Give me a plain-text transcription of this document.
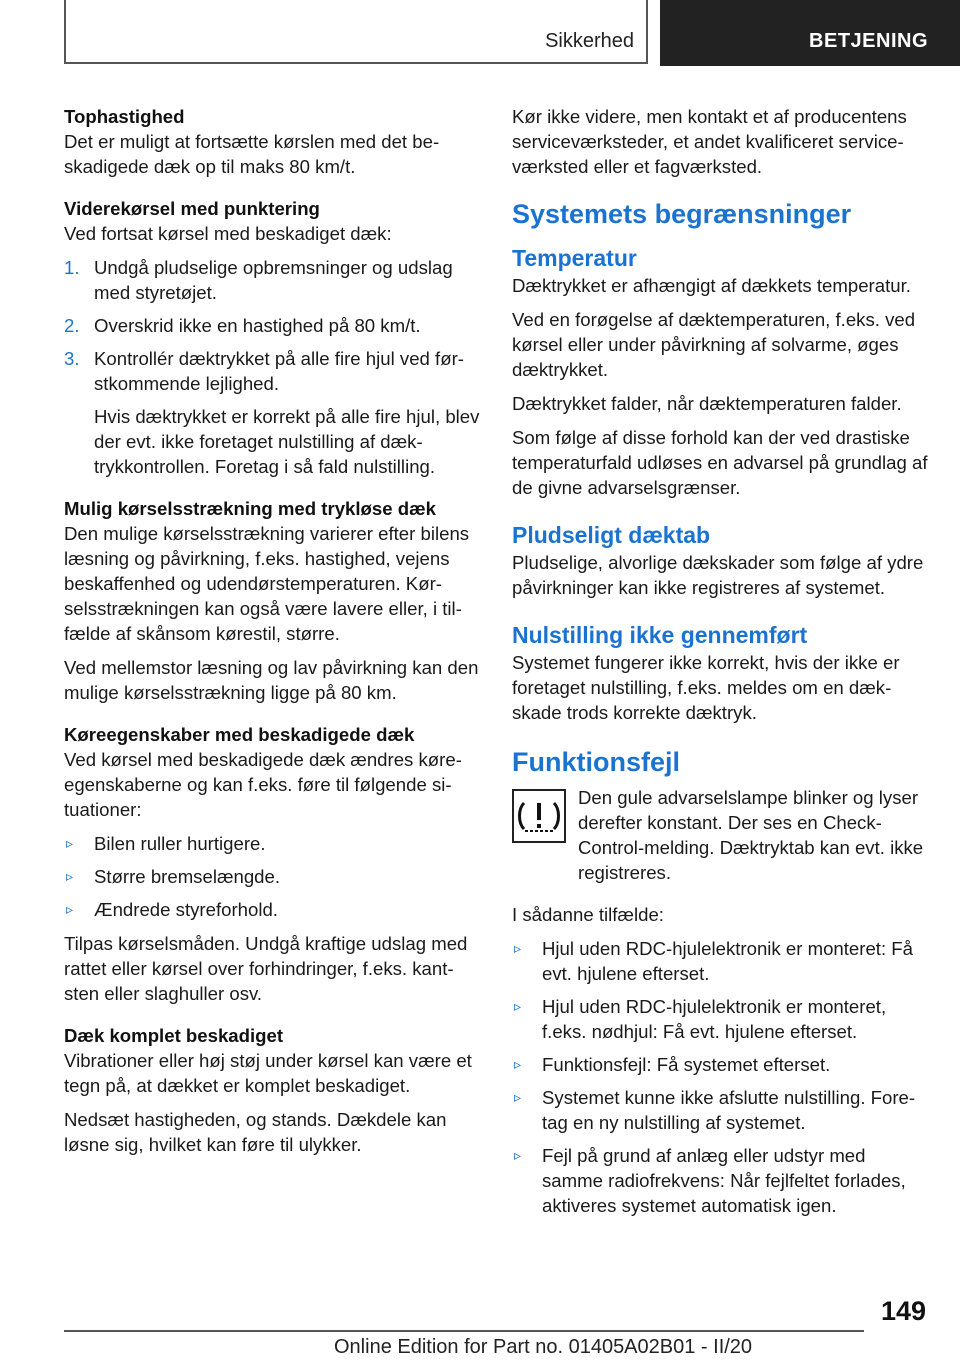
Sikkerhed	BETJENING
Tophastighed

Det er muligt at fortsætte kørslen med det beskadigede dæk op til maks 80 km/t.

Viderekørsel med punktering

Ved fortsat kørsel med beskadiget dæk:

1. Undgå pludselige opbremsninger og udslag med styretøjet.
2. Overskrid ikke en hastighed på 80 km/t.
3. Kontrollér dæktrykket på alle fire hjul ved førstkommende lejlighed.
Hvis dæktrykket er korrekt på alle fire hjul, blev der evt. ikke foretaget nulstilling af dæktrykkontrollen. Foretag i så fald nulstilling.
Mulig kørselsstrækning med trykløse dæk

Den mulige kørselsstrækning varierer efter bilens læsning og påvirkning, f.eks. hastighed, vejens beskaffenhed og udendørstemperaturen. Kørselsstrækningen kan også være lavere eller, i tilfælde af skånsom kørestil, større.

Ved mellemstor læsning og lav påvirkning kan den mulige kørselsstrækning ligge på 80 km.

Køreegenskaber med beskadigede dæk

Ved kørsel med beskadigede dæk ændres køreegenskaberne og kan f.eks. føre til følgende situationer:

▹ Bilen ruller hurtigere.
▹ Større bremselængde.
▹ Ændrede styreforhold.

Tilpas kørselsmåden. Undgå kraftige udslag med rattet eller kørsel over forhindringer, f.eks. kantsten eller slaghuller osv.

Dæk komplet beskadiget

Vibrationer eller høj støj under kørsel kan være et tegn på, at dækket er komplet beskadiget.

Nedsæt hastigheden, og stands. Dækdele kan løsne sig, hvilket kan føre til ulykker.

Kør ikke videre, men kontakt et af producentens serviceværksteder, et andet kvalificeret serviceværksted eller et fagværksted.

Systemets begrænsninger
Temperatur

Dæktrykket er afhængigt af dækkets temperatur.

Ved en forøgelse af dæktemperaturen, f.eks. ved kørsel eller under påvirkning af solvarme, øges dæktrykket.

Dæktrykket falder, når dæktemperaturen falder.

Som følge af disse forhold kan der ved drastiske temperaturfald udløses en advarsel på grundlag af de givne advarselsgrænser.

Pludseligt dæktab

Pludselige, alvorlige dækskader som følge af ydre påvirkninger kan ikke registreres af systemet.

Nulstilling ikke gennemført

Systemet fungerer ikke korrekt, hvis der ikke er foretaget nulstilling, f.eks. meldes om en dækskade trods korrekte dæktryk.

Funktionsfejl

Den gule advarselslampe blinker og lyser derefter konstant. Der ses en Check-Control-melding. Dæktryktab kan evt. ikke registreres.

I sådanne tilfælde:

▹ Hjul uden RDC-hjulelektronik er monteret: Få evt. hjulene efterset.
▹ Hjul uden RDC-hjulelektronik er monteret, f.eks. nødhjul: Få evt. hjulene efterset.
▹ Funktionsfejl: Få systemet efterset.
▹ Systemet kunne ikke afslutte nulstilling. Foretag en ny nulstilling af systemet.
▹ Fejl på grund af anlæg eller udstyr med samme radiofrekvens: Når fejlfeltet forlades, aktiveres systemet automatisk igen.
149
Online Edition for Part no. 01405A02B01 - II/20
